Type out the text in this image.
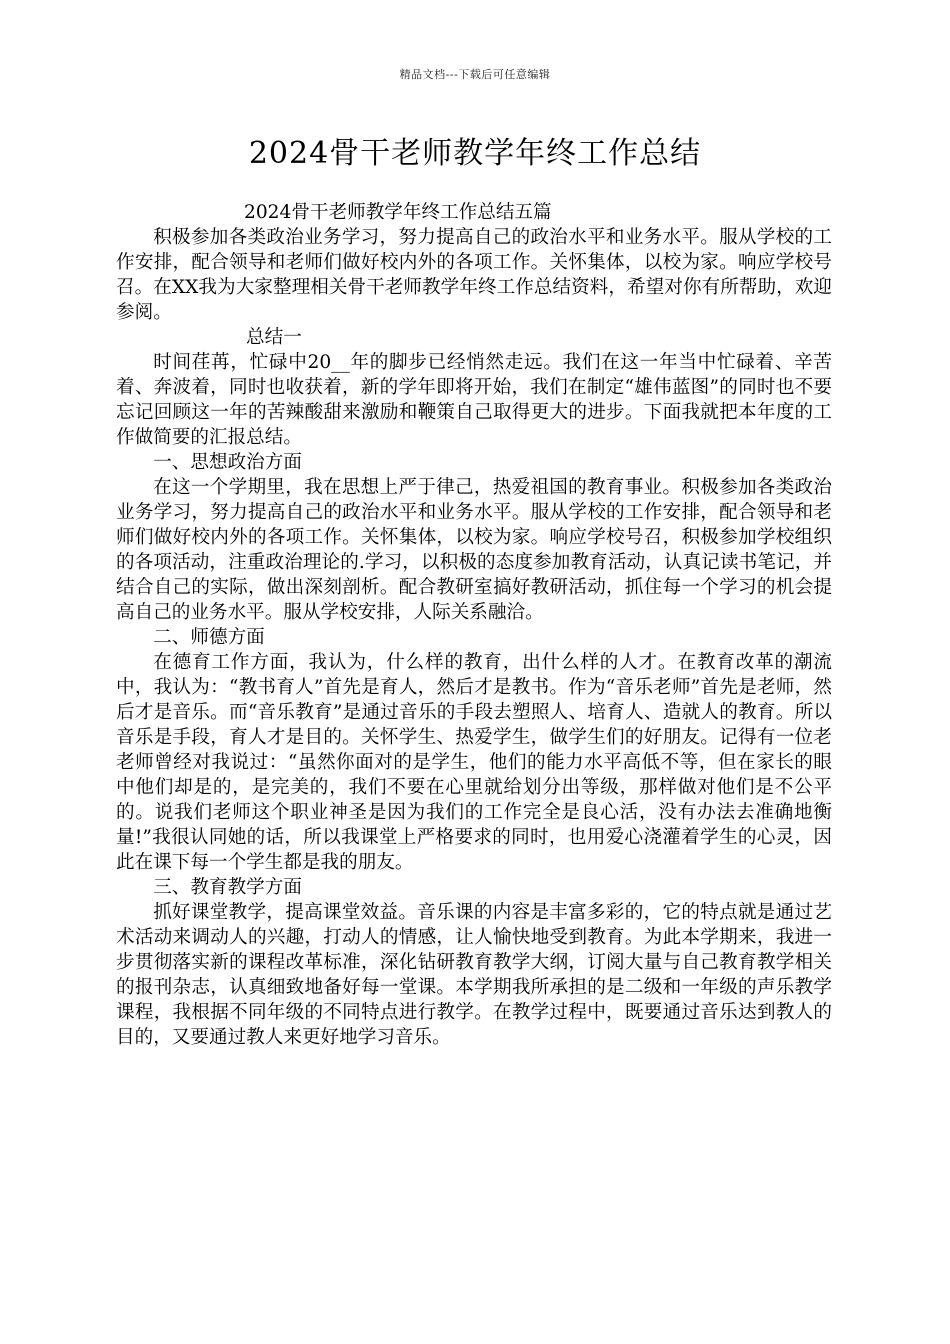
精品文档---下载后可任意编辑
2024骨干老师教学年终工作总结

2024骨干老师教学年终工作总结五篇

积极参加各类政治业务学习，努力提高自己的政治水平和业务水平。服从学校的工作安排，配合领导和老师们做好校内外的各项工作。关怀集体，以校为家。响应学校号召。在XX我为大家整理相关骨干老师教学年终工作总结资料，希望对你有所帮助，欢迎参阅。

总结一

时间荏苒，忙碌中20__年的脚步已经悄然走远。我们在这一年当中忙碌着、辛苦着、奔波着，同时也收获着，新的学年即将开始，我们在制定“雄伟蓝图”的同时也不要忘记回顾这一年的苦辣酸甜来激励和鞭策自己取得更大的进步。下面我就把本年度的工作做简要的汇报总结。

一、思想政治方面

在这一个学期里，我在思想上严于律己，热爱祖国的教育事业。积极参加各类政治业务学习，努力提高自己的政治水平和业务水平。服从学校的工作安排，配合领导和老师们做好校内外的各项工作。关怀集体，以校为家。响应学校号召，积极参加学校组织的各项活动，注重政治理论的.学习，以积极的态度参加教育活动，认真记读书笔记，并结合自己的实际，做出深刻剖析。配合教研室搞好教研活动，抓住每一个学习的机会提高自己的业务水平。服从学校安排，人际关系融洽。

二、师德方面

在德育工作方面，我认为，什么样的教育，出什么样的人才。在教育改革的潮流中，我认为：“教书育人”首先是育人，然后才是教书。作为“音乐老师”首先是老师，然后才是音乐。而“音乐教育”是通过音乐的手段去塑照人、培育人、造就人的教育。所以音乐是手段，育人才是目的。关怀学生、热爱学生，做学生们的好朋友。记得有一位老老师曾经对我说过：“虽然你面对的是学生，他们的能力水平高低不等，但在家长的眼中他们却是的，是完美的，我们不要在心里就给划分出等级，那样做对他们是不公平的。说我们老师这个职业神圣是因为我们的工作完全是良心活，没有办法去准确地衡量!”我很认同她的话，所以我课堂上严格要求的同时，也用爱心浇灌着学生的心灵，因此在课下每一个学生都是我的朋友。

三、教育教学方面

抓好课堂教学，提高课堂效益。音乐课的内容是丰富多彩的，它的特点就是通过艺术活动来调动人的兴趣，打动人的情感，让人愉快地受到教育。为此本学期来，我进一步贯彻落实新的课程改革标准，深化钻研教育教学大纲，订阅大量与自己教育教学相关的报刊杂志，认真细致地备好每一堂课。本学期我所承担的是二级和一年级的声乐教学课程，我根据不同年级的不同特点进行教学。在教学过程中，既要通过音乐达到教人的目的，又要通过教人来更好地学习音乐。
